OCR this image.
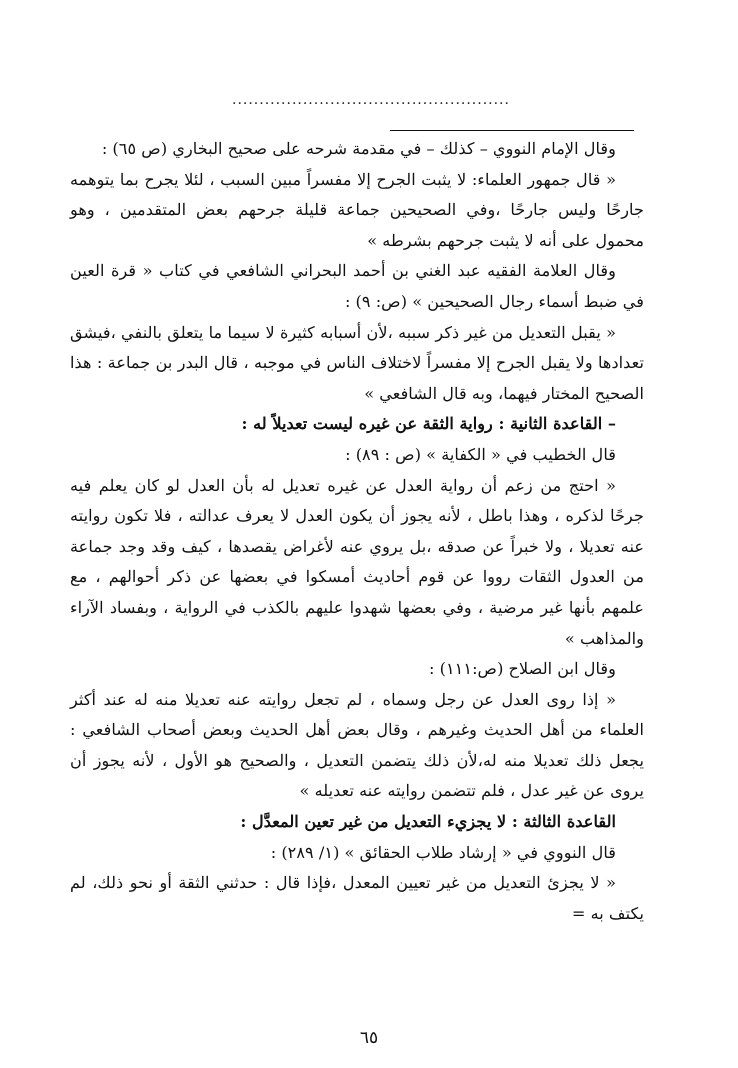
...................................................

وقال الإمام النووي – كذلك – في مقدمة شرحه على صحيح البخاري (ص ٦٥) :

« قال جمهور العلماء: لا يثبت الجرح إلا مفسراً مبين السبب ، لئلا يجرح بما يتوهمه جارحًا وليس جارحًا ،وفي الصحيحين جماعة قليلة جرحهم بعض المتقدمين ، وهو محمول على أنه لا يثبت جرحهم بشرطه »

وقال العلامة الفقيه عبد الغني بن أحمد البحراني الشافعي في كتاب « قرة العين في ضبط أسماء رجال الصحيحين » (ص: ٩) :

« يقبل التعديل من غير ذكر سببه ،لأن أسبابه كثيرة لا سيما ما يتعلق بالنفي ،فيشق تعدادها ولا يقبل الجرح إلا مفسراً لاختلاف الناس في موجبه ، قال البدر بن جماعة : هذا الصحيح المختار فيهما، وبه قال الشافعي »

– القاعدة الثانية : رواية الثقة عن غيره ليست تعديلاً له :

قال الخطيب في « الكفاية » (ص : ٨٩) :

« احتج من زعم أن رواية العدل عن غيره تعديل له بأن العدل لو كان يعلم فيه جرحًا لذكره ، وهذا باطل ، لأنه يجوز أن يكون العدل لا يعرف عدالته ، فلا تكون روايته عنه تعديلا ، ولا خبراً عن صدقه ،بل يروي عنه لأغراض يقصدها ، كيف وقد وجد جماعة من العدول الثقات رووا عن قوم أحاديث أمسكوا في بعضها عن ذكر أحوالهم ، مع علمهم بأنها غير مرضية ، وفي بعضها شهدوا عليهم بالكذب في الرواية ، وبفساد الآراء والمذاهب »

وقال ابن الصلاح (ص:١١١) :

« إذا روى العدل عن رجل وسماه ، لم تجعل روايته عنه تعديلا منه له عند أكثر العلماء من أهل الحديث وغيرهم ، وقال بعض أهل الحديث وبعض أصحاب الشافعي : يجعل ذلك تعديلا منه له،لأن ذلك يتضمن التعديل ، والصحيح هو الأول ، لأنه يجوز أن يروى عن غير عدل ، فلم تتضمن روايته عنه تعديله »

القاعدة الثالثة : لا يجزيء التعديل من غير تعين المعدَّل :

قال النووي في « إرشاد طلاب الحقائق » (١/ ٢٨٩) :

« لا يجزئ التعديل من غير تعيين المعدل ،فإذا قال : حدثني الثقة أو نحو ذلك، لم يكتف به =

٦٥
